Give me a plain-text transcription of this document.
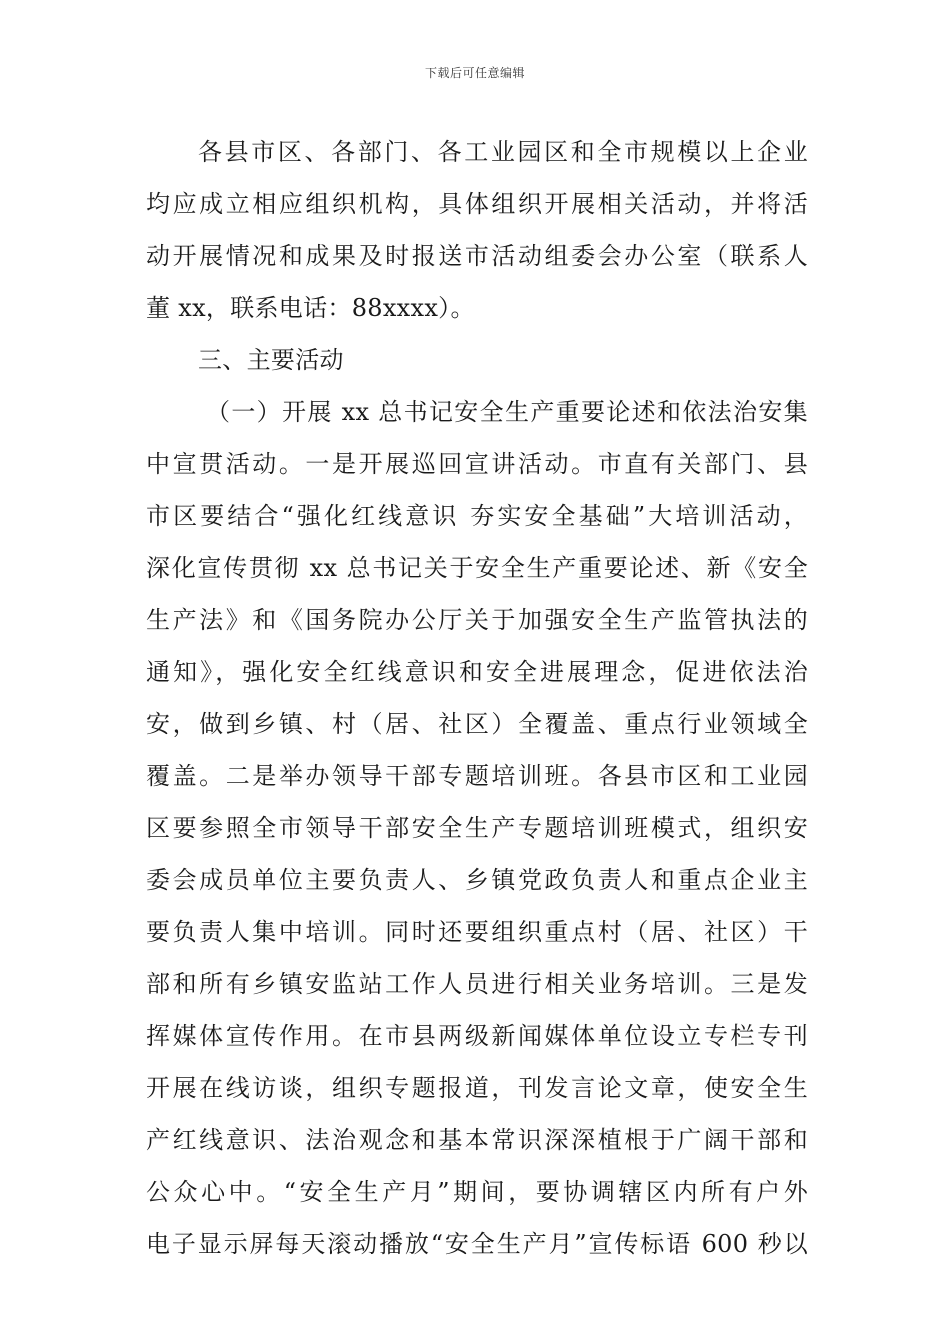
下载后可任意编辑
各县市区、各部门、各工业园区和全市规模以上企业
均应成立相应组织机构，具体组织开展相关活动，并将活
动开展情况和成果及时报送市活动组委会办公室（联系人
董 xx，联系电话：88xxxx）。
三、主要活动
（一）开展 xx 总书记安全生产重要论述和依法治安集
中宣贯活动。一是开展巡回宣讲活动。市直有关部门、县
市区要结合“强化红线意识 夯实安全基础”大培训活动，
深化宣传贯彻 xx 总书记关于安全生产重要论述、新《安全
生产法》和《国务院办公厅关于加强安全生产监管执法的
通知》，强化安全红线意识和安全进展理念，促进依法治
安，做到乡镇、村（居、社区）全覆盖、重点行业领域全
覆盖。二是举办领导干部专题培训班。各县市区和工业园
区要参照全市领导干部安全生产专题培训班模式，组织安
委会成员单位主要负责人、乡镇党政负责人和重点企业主
要负责人集中培训。同时还要组织重点村（居、社区）干
部和所有乡镇安监站工作人员进行相关业务培训。三是发
挥媒体宣传作用。在市县两级新闻媒体单位设立专栏专刊
开展在线访谈，组织专题报道，刊发言论文章，使安全生
产红线意识、法治观念和基本常识深深植根于广阔干部和
公众心中。“安全生产月”期间，要协调辖区内所有户外
电子显示屏每天滚动播放“安全生产月”宣传标语 600 秒以
